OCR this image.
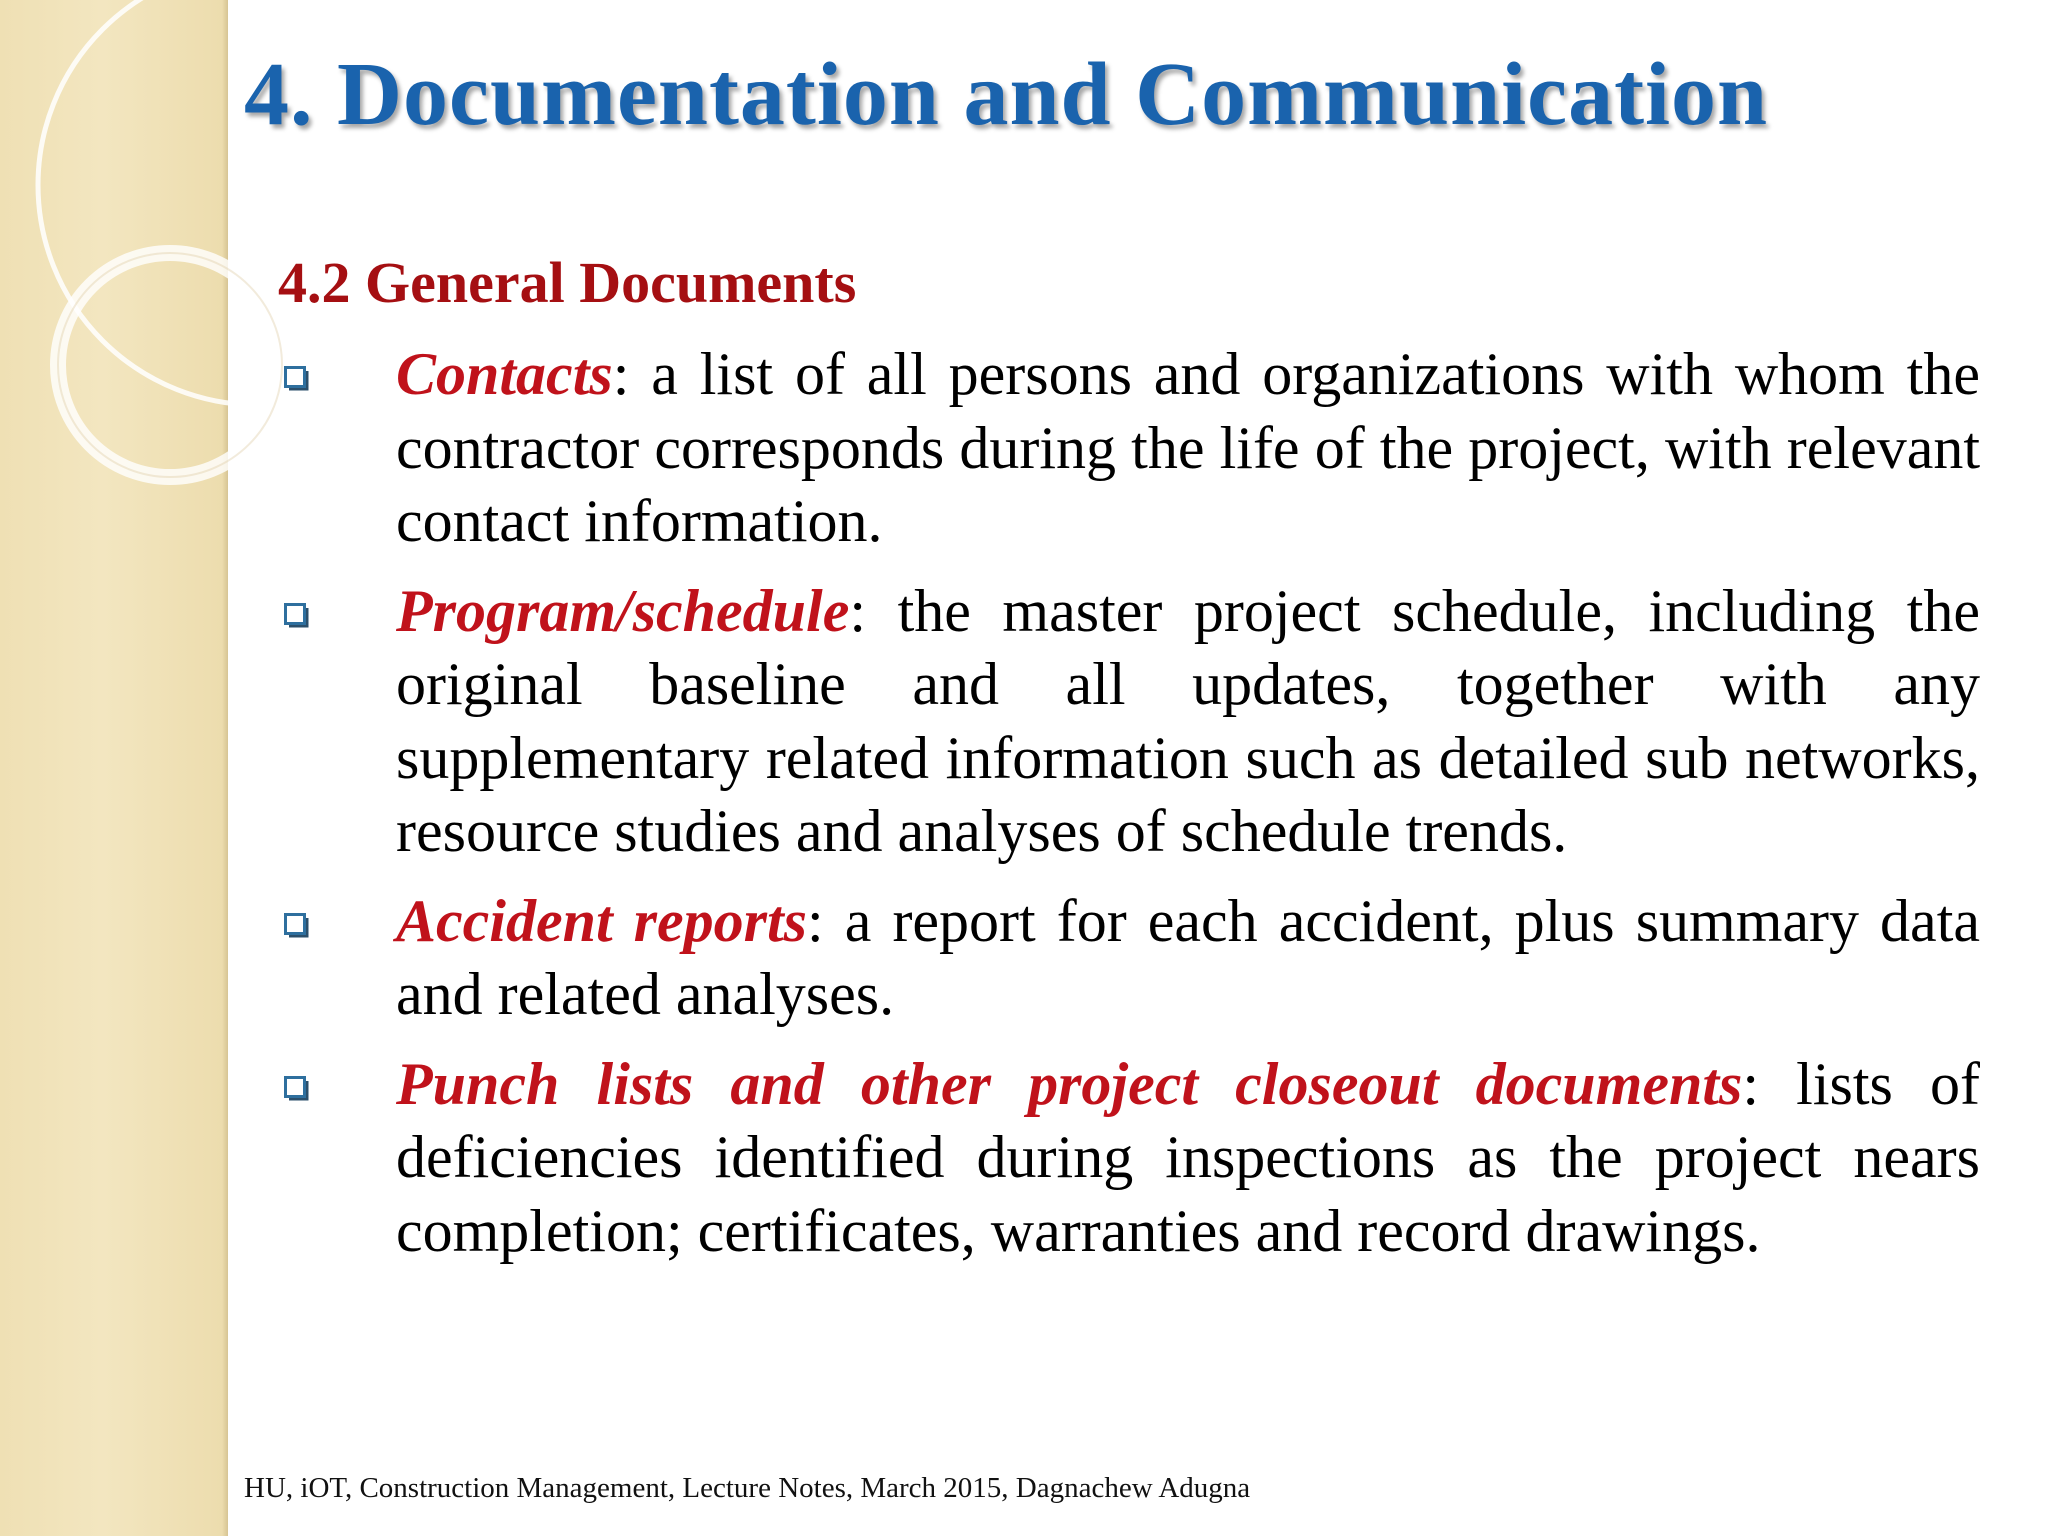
4. Documentation and Communication
4.2 General Documents

Contacts: a list of all persons and organizations with whom the contractor corresponds during the life of the project, with relevant contact information.

Program/schedule: the master project schedule, including the original baseline and all updates, together with any supplementary related information such as detailed sub networks, resource studies and analyses of schedule trends.

Accident reports: a report for each accident, plus summary data and related analyses.

Punch lists and other project closeout documents: lists of deficiencies identified during inspections as the project nears completion; certificates, warranties and record drawings.

HU, iOT, Construction Management, Lecture Notes, March 2015, Dagnachew Adugna
